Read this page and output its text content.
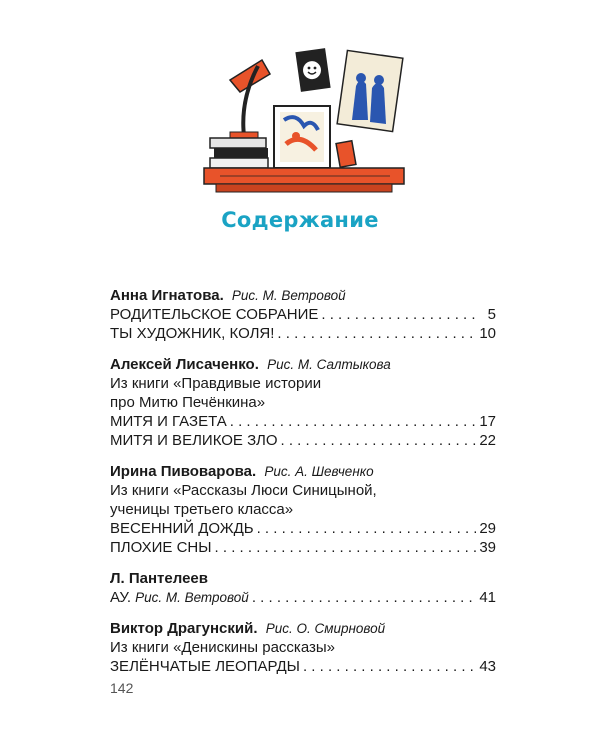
Содержание
Анна Игнатова. Рис. М. Ветровой
РОДИТЕЛЬСКОЕ СОБРАНИЕ . . .	5
ТЫ ХУДОЖНИК, КОЛЯ! . . .	10
Алексей Лисаченко. Рис. М. Салтыкова
Из книги «Правдивые истории
про Митю Печёнкина»
МИТЯ И ГАЗЕТА . . .	17
МИТЯ И ВЕЛИКОЕ ЗЛО . . .	22
Ирина Пивоварова. Рис. А. Шевченко
Из книги «Рассказы Люси Синицыной,
ученицы третьего класса»
ВЕСЕННИЙ ДОЖДЬ . . .	29
ПЛОХИЕ СНЫ . . .	39
Л. Пантелеев
АУ. Рис. М. Ветровой . . .	41
Виктор Драгунский. Рис. О. Смирновой
Из книги «Денискины рассказы»
ЗЕЛЁНЧАТЫЕ ЛЕОПАРДЫ . . .	43
142
